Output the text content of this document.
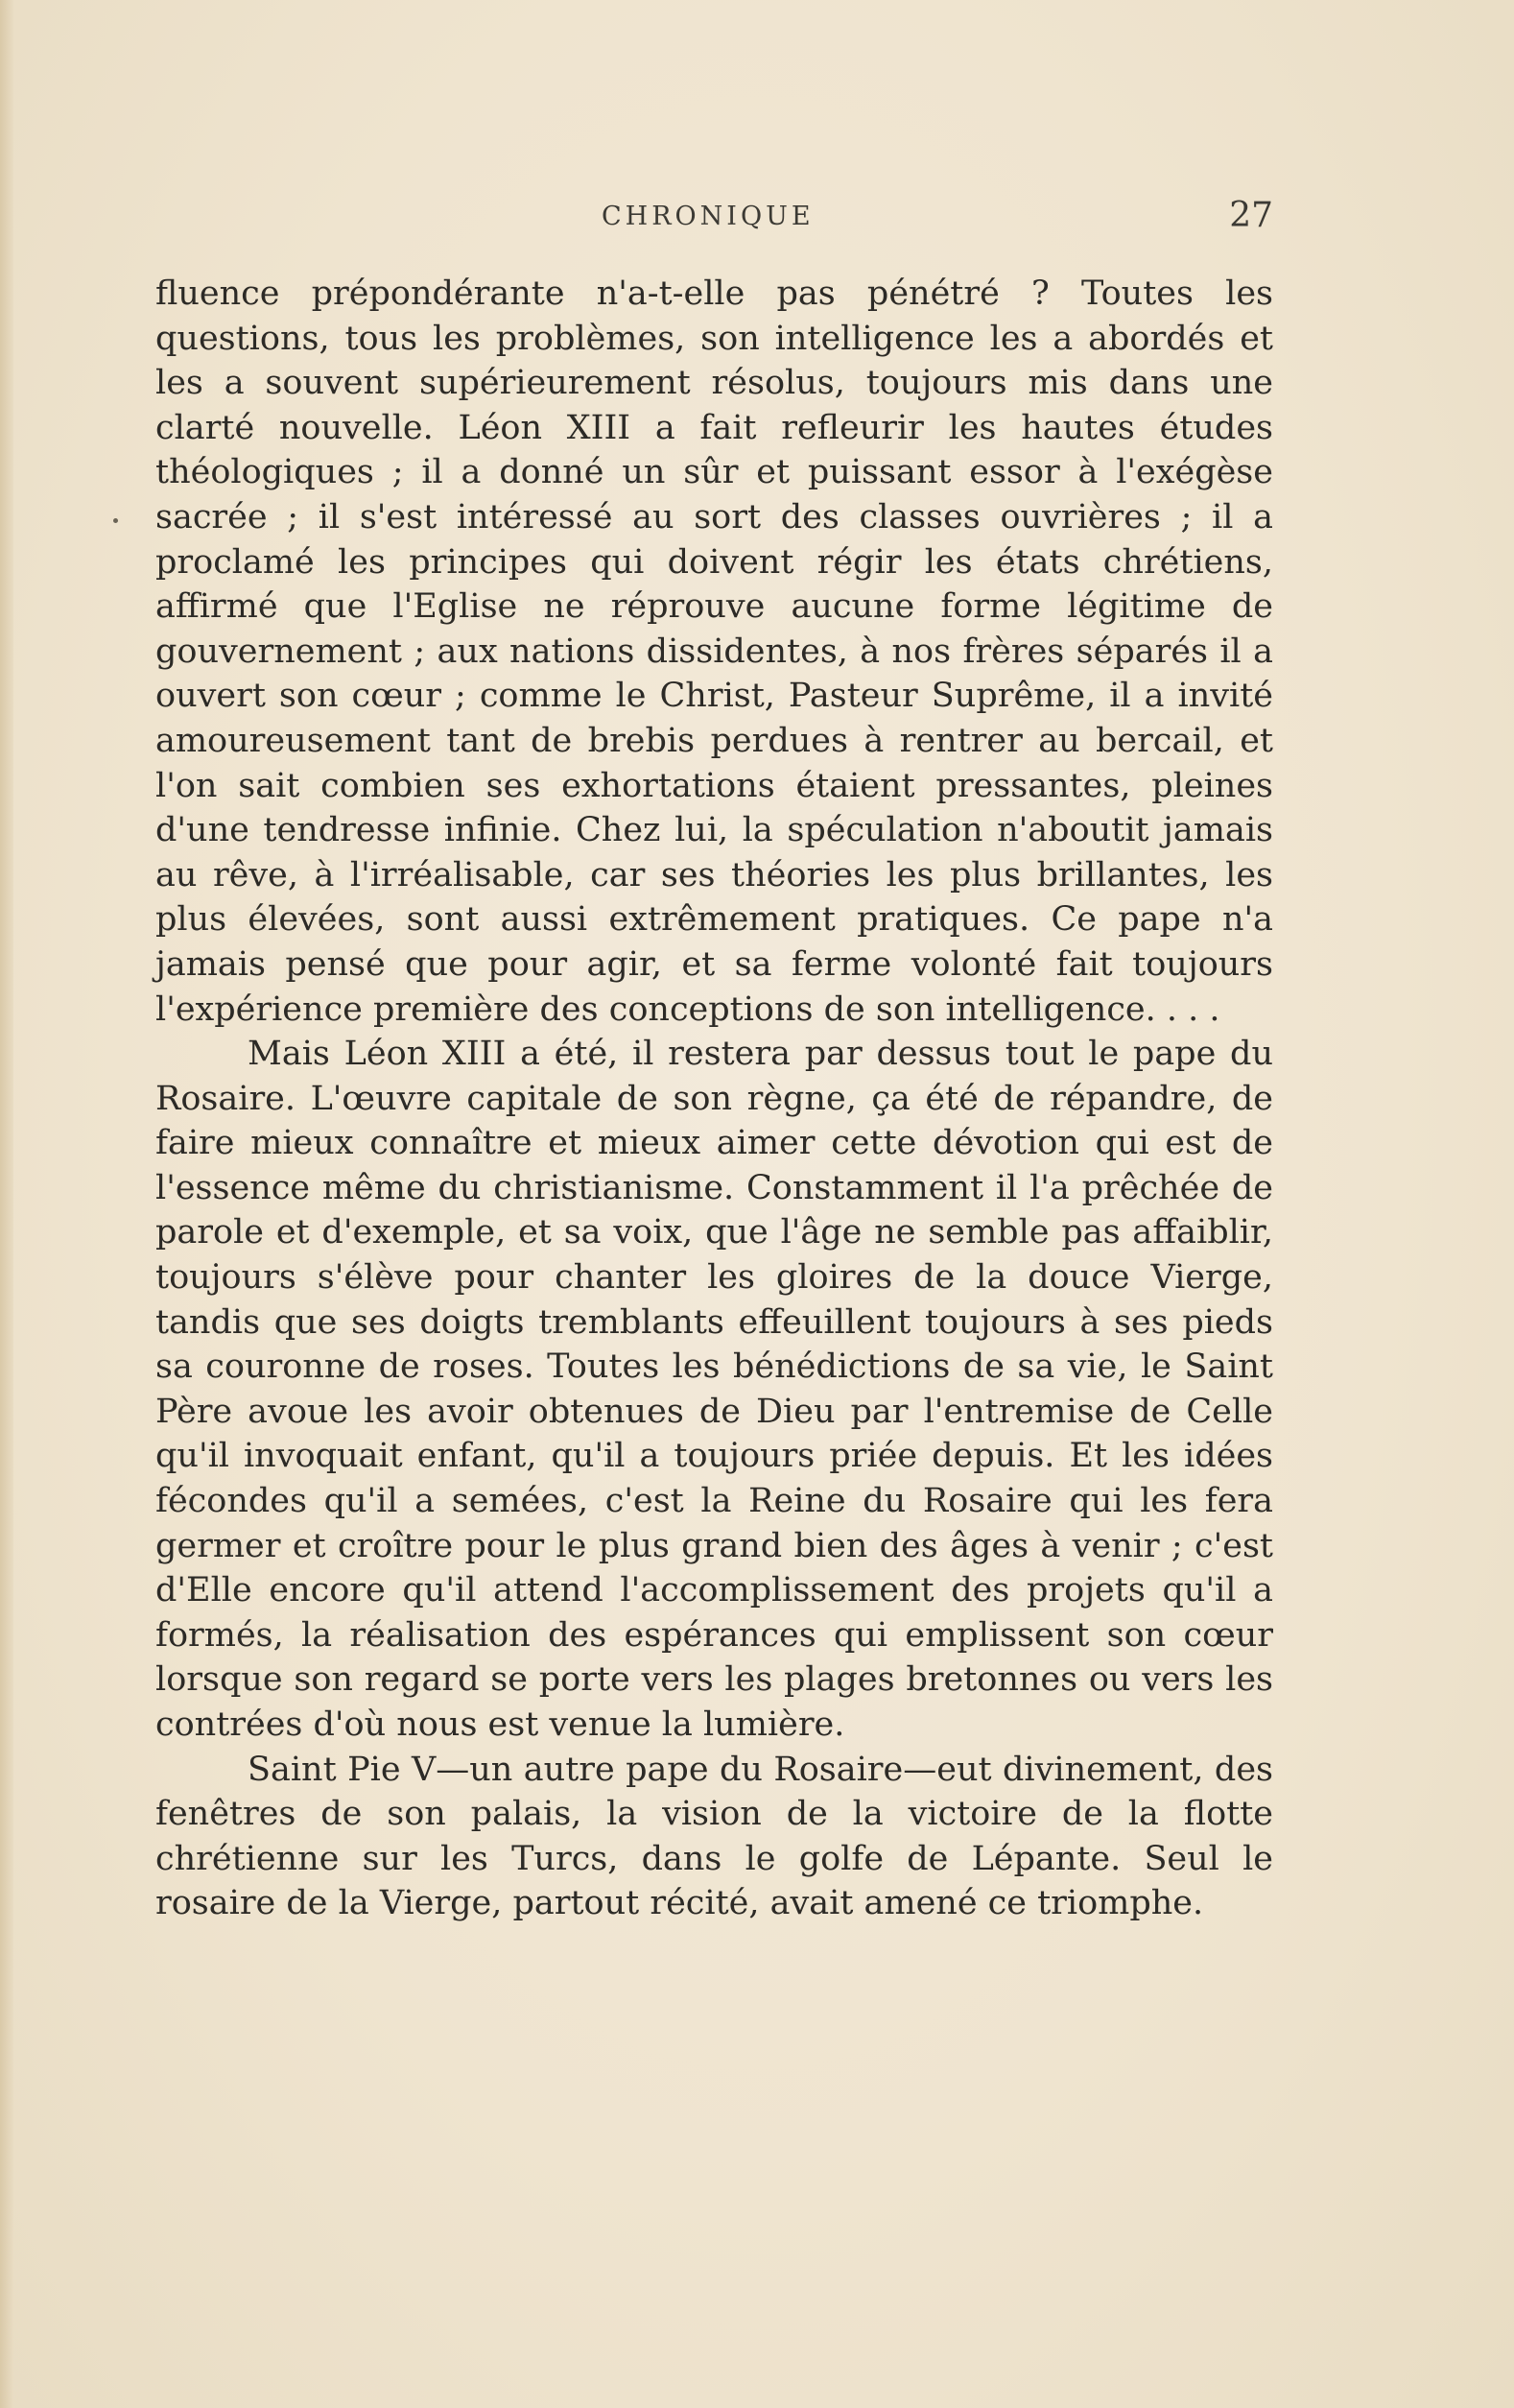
CHRONIQUE	27

fluence prépondérante n'a-t-elle pas pénétré ? Toutes les questions, tous les problèmes, son intelligence les a abordés et les a souvent supérieurement résolus, toujours mis dans une clarté nouvelle. Léon XIII a fait refleurir les hautes études théologiques ; il a donné un sûr et puissant essor à l'exégèse sacrée ; il s'est intéressé au sort des classes ouvrières ; il a proclamé les principes qui doivent régir les états chrétiens, affirmé que l'Eglise ne réprouve aucune forme légitime de gouvernement ; aux nations dissidentes, à nos frères séparés il a ouvert son cœur ; comme le Christ, Pasteur Suprême, il a invité amoureusement tant de brebis perdues à rentrer au bercail, et l'on sait combien ses exhortations étaient pressantes, pleines d'une tendresse infinie. Chez lui, la spéculation n'aboutit jamais au rêve, à l'irréalisable, car ses théories les plus brillantes, les plus élevées, sont aussi extrêmement pratiques. Ce pape n'a jamais pensé que pour agir, et sa ferme volonté fait toujours l'expérience première des conceptions de son intelligence. . . .

Mais Léon XIII a été, il restera par dessus tout le pape du Rosaire. L'œuvre capitale de son règne, ça été de répandre, de faire mieux connaître et mieux aimer cette dévotion qui est de l'essence même du christianisme. Constamment il l'a prêchée de parole et d'exemple, et sa voix, que l'âge ne semble pas affaiblir, toujours s'élève pour chanter les gloires de la douce Vierge, tandis que ses doigts tremblants effeuillent toujours à ses pieds sa couronne de roses. Toutes les bénédictions de sa vie, le Saint Père avoue les avoir obtenues de Dieu par l'entremise de Celle qu'il invoquait enfant, qu'il a toujours priée depuis. Et les idées fécondes qu'il a semées, c'est la Reine du Rosaire qui les fera germer et croître pour le plus grand bien des âges à venir ; c'est d'Elle encore qu'il attend l'accomplissement des projets qu'il a formés, la réalisation des espérances qui emplissent son cœur lorsque son regard se porte vers les plages bretonnes ou vers les contrées d'où nous est venue la lumière.

Saint Pie V—un autre pape du Rosaire—eut divinement, des fenêtres de son palais, la vision de la victoire de la flotte chrétienne sur les Turcs, dans le golfe de Lépante. Seul le rosaire de la Vierge, partout récité, avait amené ce triomphe.
